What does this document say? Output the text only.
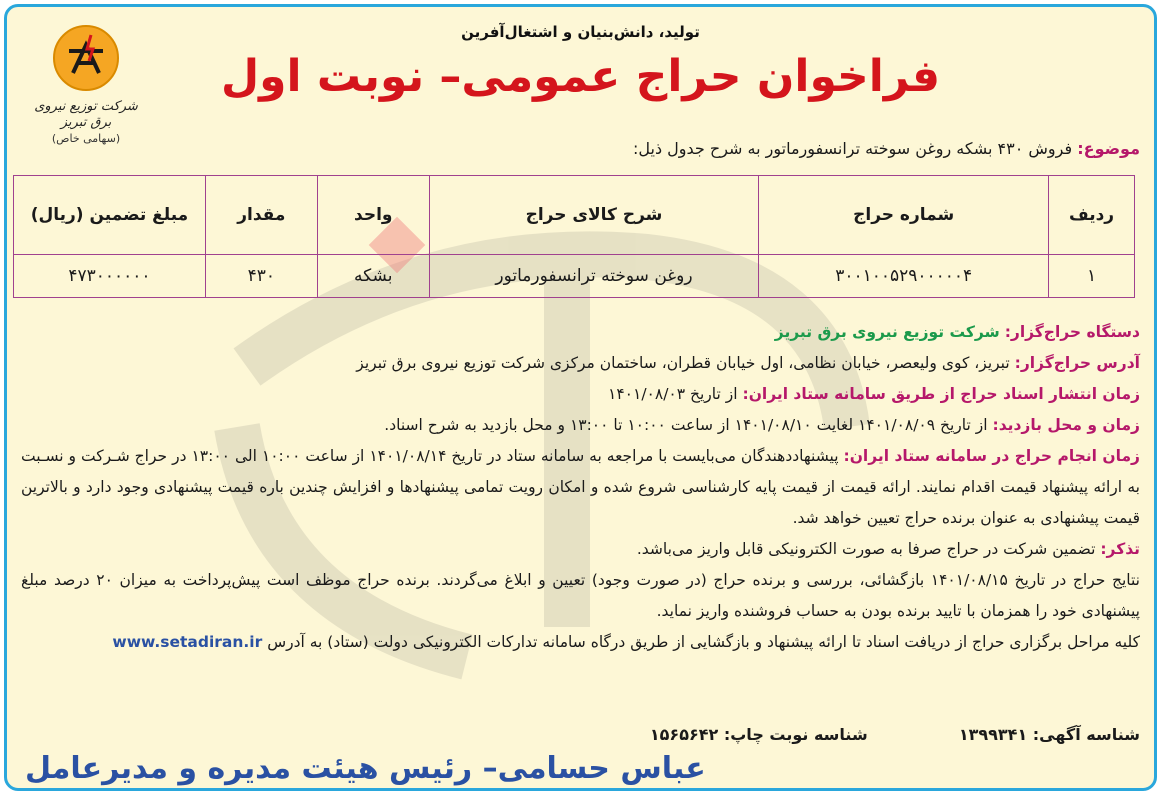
شرکت توزیع نیروی برق تبریز
(سهامی خاص)
تولید، دانش‌بنیان و اشتغال‌آفرین
فراخوان حراج عمومی– نوبت اول
موضوع: فروش ۴۳۰ بشکه روغن سوخته ترانسفورماتور به شرح جدول ذیل:
ردیف	شماره حراج	شرح کالای حراج	واحد	مقدار	مبلغ تضمین (ریال)
۱	۳۰۰۱۰۰۵۲۹۰۰۰۰۰۴	روغن سوخته ترانسفورماتور	بشکه	۴۳۰	۴۷۳۰۰۰۰۰۰

دستگاه حراج‌گزار: شرکت توزیع نیروی برق تبریز

آدرس حراج‌گزار: تبریز، کوی ولیعصر، خیابان نظامی، اول خیابان قطران، ساختمان مرکزی شرکت توزیع نیروی برق تبریز

زمان انتشار اسناد حراج از طریق سامانه ستاد ایران: از تاریخ ۱۴۰۱/۰۸/۰۳

زمان و محل بازدید: از تاریخ ۱۴۰۱/۰۸/۰۹ لغایت ۱۴۰۱/۰۸/۱۰ از ساعت ۱۰:۰۰ تا ۱۳:۰۰ و محل بازدید به شرح اسناد.

زمان انجام حراج در سامانه ستاد ایران: پیشنهاددهندگان می‌بایست با مراجعه به سامانه ستاد در تاریخ ۱۴۰۱/۰۸/۱۴ از ساعت ۱۰:۰۰ الی ۱۳:۰۰ در حراج شـرکت و نسـبت به ارائه پیشنهاد قیمت اقدام نمایند. ارائه قیمت از قیمت پایه کارشناسی شروع شده و امکان رویت تمامی پیشنهادها و افزایش چندین باره قیمت پیشنهادی وجود دارد و بالاترین قیمت پیشنهادی به عنوان برنده حراج تعیین خواهد شد.

تذکر: تضمین شرکت در حراج صرفا به صورت الکترونیکی قابل واریز می‌باشد.

نتایج حراج در تاریخ ۱۴۰۱/۰۸/۱۵ بازگشائی، بررسی و برنده حراج (در صورت وجود) تعیین و ابلاغ می‌گردند. برنده حراج موظف است پیش‌پرداخت به میزان ۲۰ درصد مبلغ پیشنهادی خود را همزمان با تایید برنده بودن به حساب فروشنده واریز نماید.

کلیه مراحل برگزاری حراج از دریافت اسناد تا ارائه پیشنهاد و بازگشایی از طریق درگاه سامانه تدارکات الکترونیکی دولت (ستاد) به آدرس www.setadiran.ir

شناسه آگهی: ۱۳۹۹۳۴۱  شناسه نوبت چاپ: ۱۵۶۵۶۴۲
عباس حسامی– رئیس هیئت مدیره و مدیرعامل
